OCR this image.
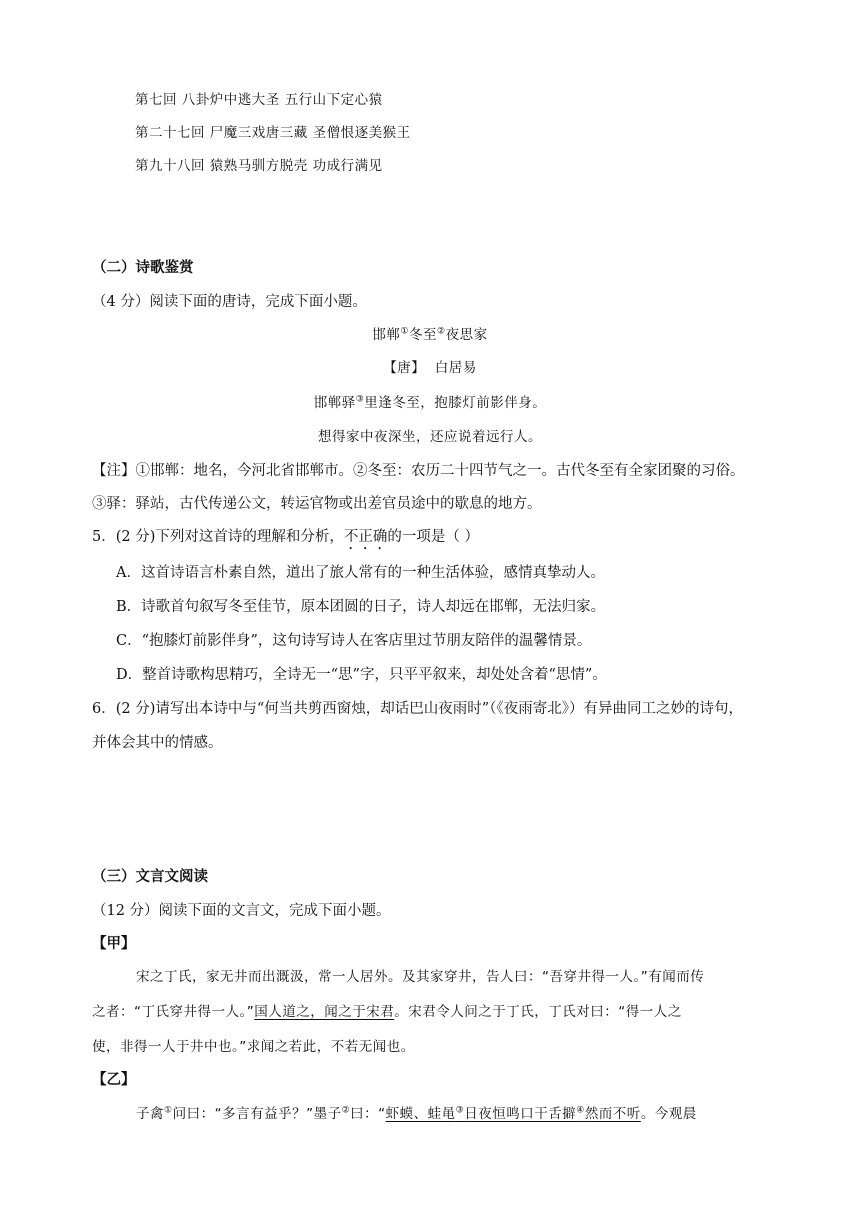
第七回 八卦炉中逃大圣 五行山下定心猿
第二十七回 尸魔三戏唐三藏 圣僧恨逐美猴王
第九十八回 猿熟马驯方脱壳 功成行满见
（二）诗歌鉴赏
（4 分）阅读下面的唐诗，完成下面小题。
邯郸①冬至②夜思家
【唐】 白居易
邯郸驿③里逢冬至，抱膝灯前影伴身。
想得家中夜深坐，还应说着远行人。
【注】①邯郸：地名，今河北省邯郸市。②冬至：农历二十四节气之一。古代冬至有全家团聚的习俗。
③驿：驿站，古代传递公文，转运官物或出差官员途中的歇息的地方。
5．(2 分)下列对这首诗的理解和分析，不正确的一项是（ ）
A．这首诗语言朴素自然，道出了旅人常有的一种生活体验，感情真挚动人。
B．诗歌首句叙写冬至佳节，原本团圆的日子，诗人却远在邯郸，无法归家。
C．“抱膝灯前影伴身”，这句诗写诗人在客店里过节朋友陪伴的温馨情景。
D．整首诗歌构思精巧，全诗无一“思”字，只平平叙来，却处处含着“思情”。
6．(2 分)请写出本诗中与“何当共剪西窗烛，却话巴山夜雨时”（《夜雨寄北》）有异曲同工之妙的诗句，
并体会其中的情感。
（三）文言文阅读
（12 分）阅读下面的文言文，完成下面小题。
【甲】
宋之丁氏，家无井而出溉汲，常一人居外。及其家穿井，告人曰：“吾穿井得一人。”有闻而传
之者：“丁氏穿井得一人。”国人道之，闻之于宋君。宋君令人问之于丁氏，丁氏对曰：“得一人之
使，非得一人于井中也。”求闻之若此，不若无闻也。
【乙】
子禽①问曰：“多言有益乎？”墨子②曰：“虾蟆、蛙黾③日夜恒鸣口干舌擗④然而不听。今观晨
